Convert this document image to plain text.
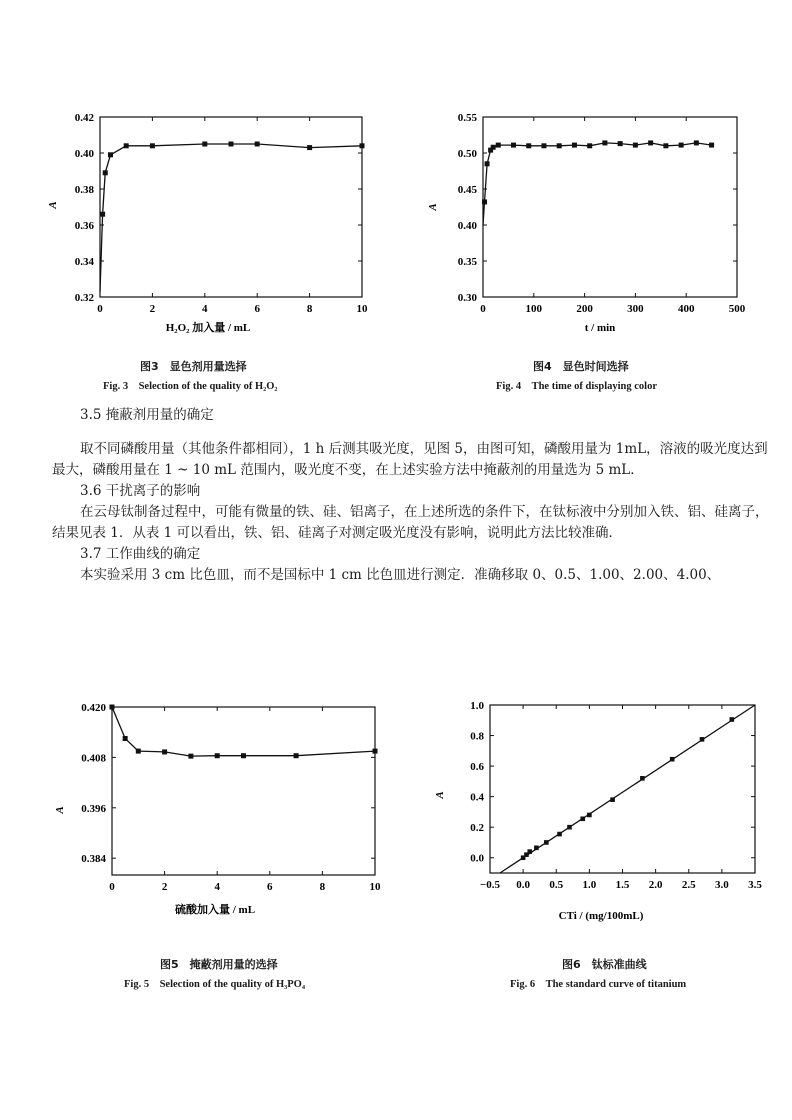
0	2	4	6	8	10
0.32
0.34
0.36
0.38
0.40
0.42
H₂O₂ 加入量 / mL
A
图3　显色剂用量选择
Fig. 3　Selection of the quality of H₂O₂
0	100	200	300	400	500
0.30
0.35
0.40
0.45
0.50
0.55
t / min
A
图4　显色时间选择
Fig. 4　The time of displaying color

3.5 掩蔽剂用量的确定

取不同磷酸用量（其他条件都相同），1 h 后测其吸光度，见图 5，由图可知，磷酸用量为 1mL，溶液的吸光度达到最大，磷酸用量在 1 ~ 10 mL 范围内，吸光度不变，在上述实验方法中掩蔽剂的用量选为 5 mL．

3.6 干扰离子的影响

在云母钛制备过程中，可能有微量的铁、硅、铝离子，在上述所选的条件下，在钛标液中分别加入铁、铝、硅离子，结果见表 1．从表 1 可以看出，铁、铝、硅离子对测定吸光度没有影响，说明此方法比较准确．

3.7 工作曲线的确定

本实验采用 3 cm 比色皿，而不是国标中 1 cm 比色皿进行测定．准确移取 0、0.5、1.00、2.00、4.00、

0	2	4	6	8	10
0.384
0.396
0.408
0.420
硫酸加入量 / mL
A
图5　掩蔽剂用量的选择
Fig. 5　Selection of the quality of H₃PO₄
−0.5 0.0 0.5 1.0 1.5 2.0 2.5 3.0 3.5
0.0
0.2
0.4
0.6
0.8
1.0
CTi / (mg/100mL)
A
图6　钛标准曲线
Fig. 6　The standard curve of titanium
